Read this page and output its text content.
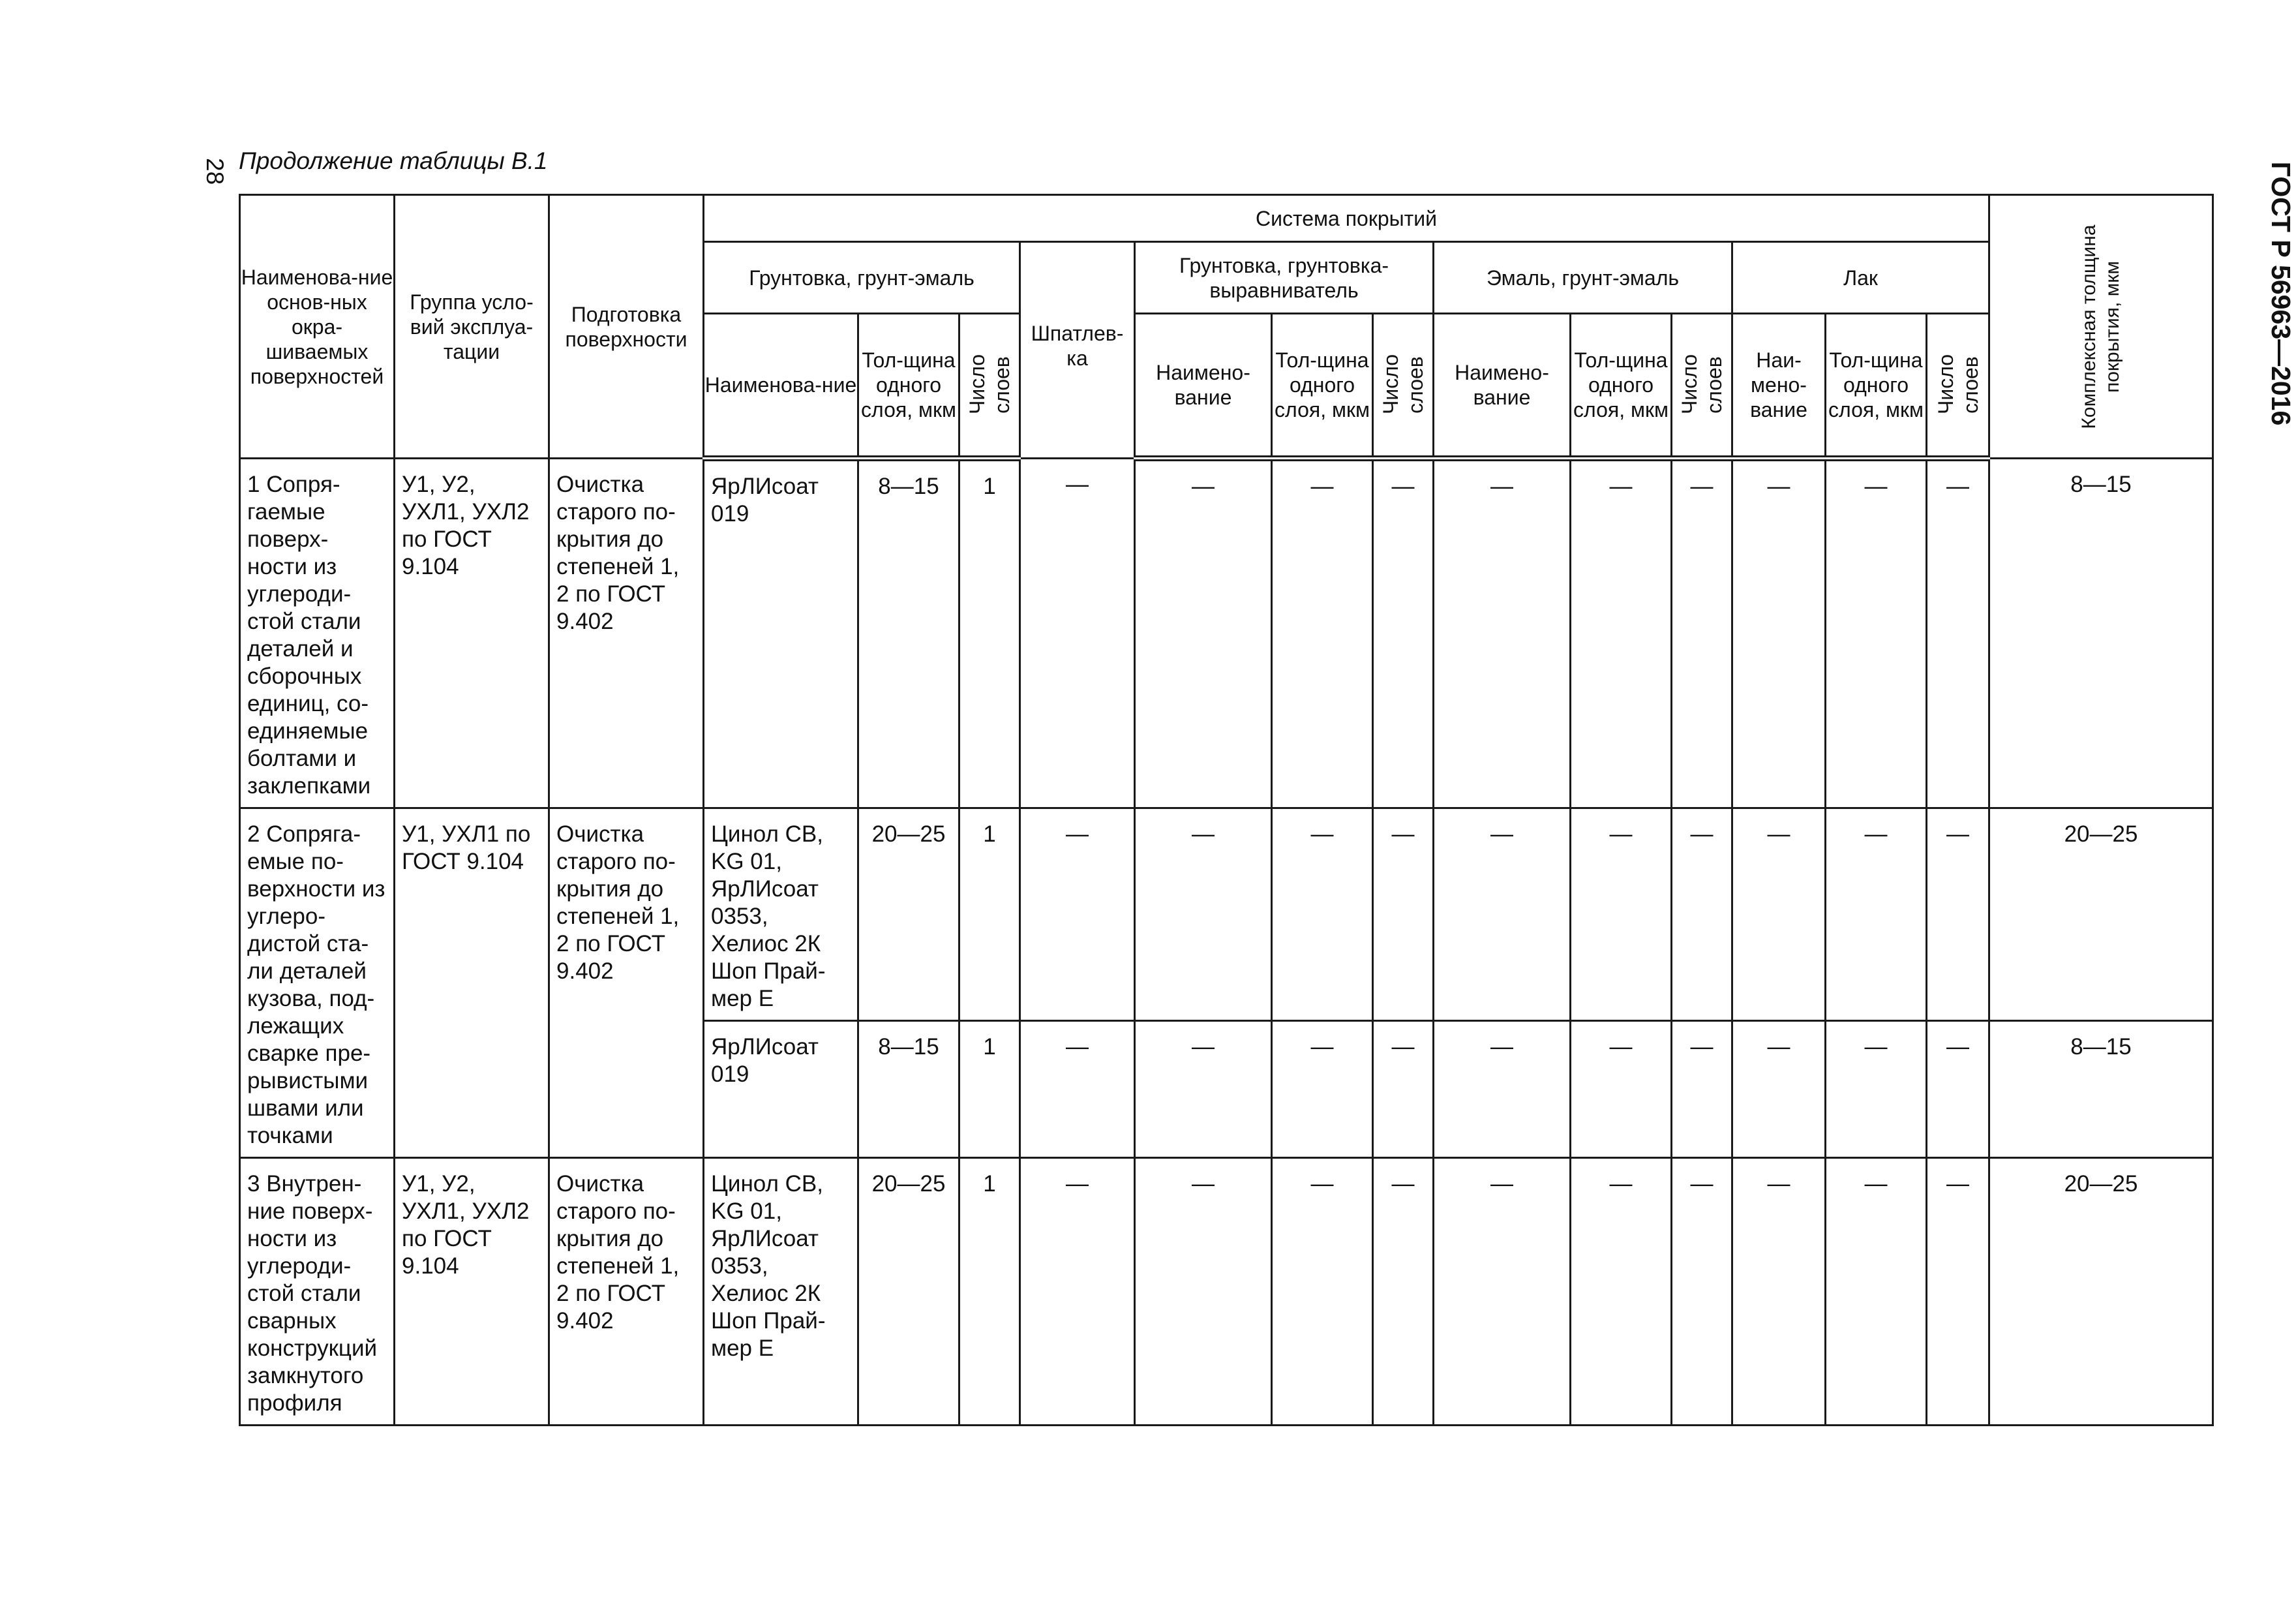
28 Продолжение таблицы В.1
ГОСТ Р 56963—2016
Наименова-ние основ-ных окра-шиваемых поверхностей	Группа усло-вий эксплуа-тации	Подготовка поверхности	Система покрытий													Комплексная толщина покрытия, мкм

			Грунтовка, грунт-эмаль			Шпатлев-ка	Грунтовка, грунтовка-выравниватель			Эмаль, грунт-эмаль			Лак			
			Наименова-ние	Тол-щина одного слоя, мкм	Число слоев		Наимено-вание	Тол-щина одного слоя, мкм	Число слоев	Наимено-вание	Тол-щина одного слоя, мкм	Число слоев	Наи-мено-вание	Тол-щина одного слоя, мкм	Число слоев	
1 Сопря-гаемые поверх-ности из углероди-стой стали деталей и сборочных единиц, со-единяемые болтами и заклепками	У1, У2, УХЛ1, УХЛ2 по ГОСТ 9.104	Очистка старого по-крытия до степеней 1, 2 по ГОСТ 9.402	ЯрЛИсоат 019	8—15	1	—	—	—	—	—	—	—	—	—	—	8—15
2 Сопряга-емые по-верхности из углеро-дистой ста-ли деталей кузова, под-лежащих сварке пре-рывистыми швами или точками	У1, УХЛ1 по ГОСТ 9.104	Очистка старого по-крытия до степеней 1, 2 по ГОСТ 9.402	Цинол СВ, KG 01, ЯрЛИсоат 0353, Хелиос 2К Шоп Прай-мер Е	20—25	1	—	—	—	—	—	—	—	—	—	—	20—25
			ЯрЛИсоат 019	8—15	1	—	—	—	—	—	—	—	—	—	—	8—15
3 Внутрен-ние поверх-ности из углероди-стой стали сварных конструкций замкнутого профиля	У1, У2, УХЛ1, УХЛ2 по ГОСТ 9.104	Очистка старого по-крытия до степеней 1, 2 по ГОСТ 9.402	Цинол СВ, KG 01, ЯрЛИсоат 0353, Хелиос 2К Шоп Прай-мер Е	20—25	1	—	—	—	—	—	—	—	—	—	—	20—25
